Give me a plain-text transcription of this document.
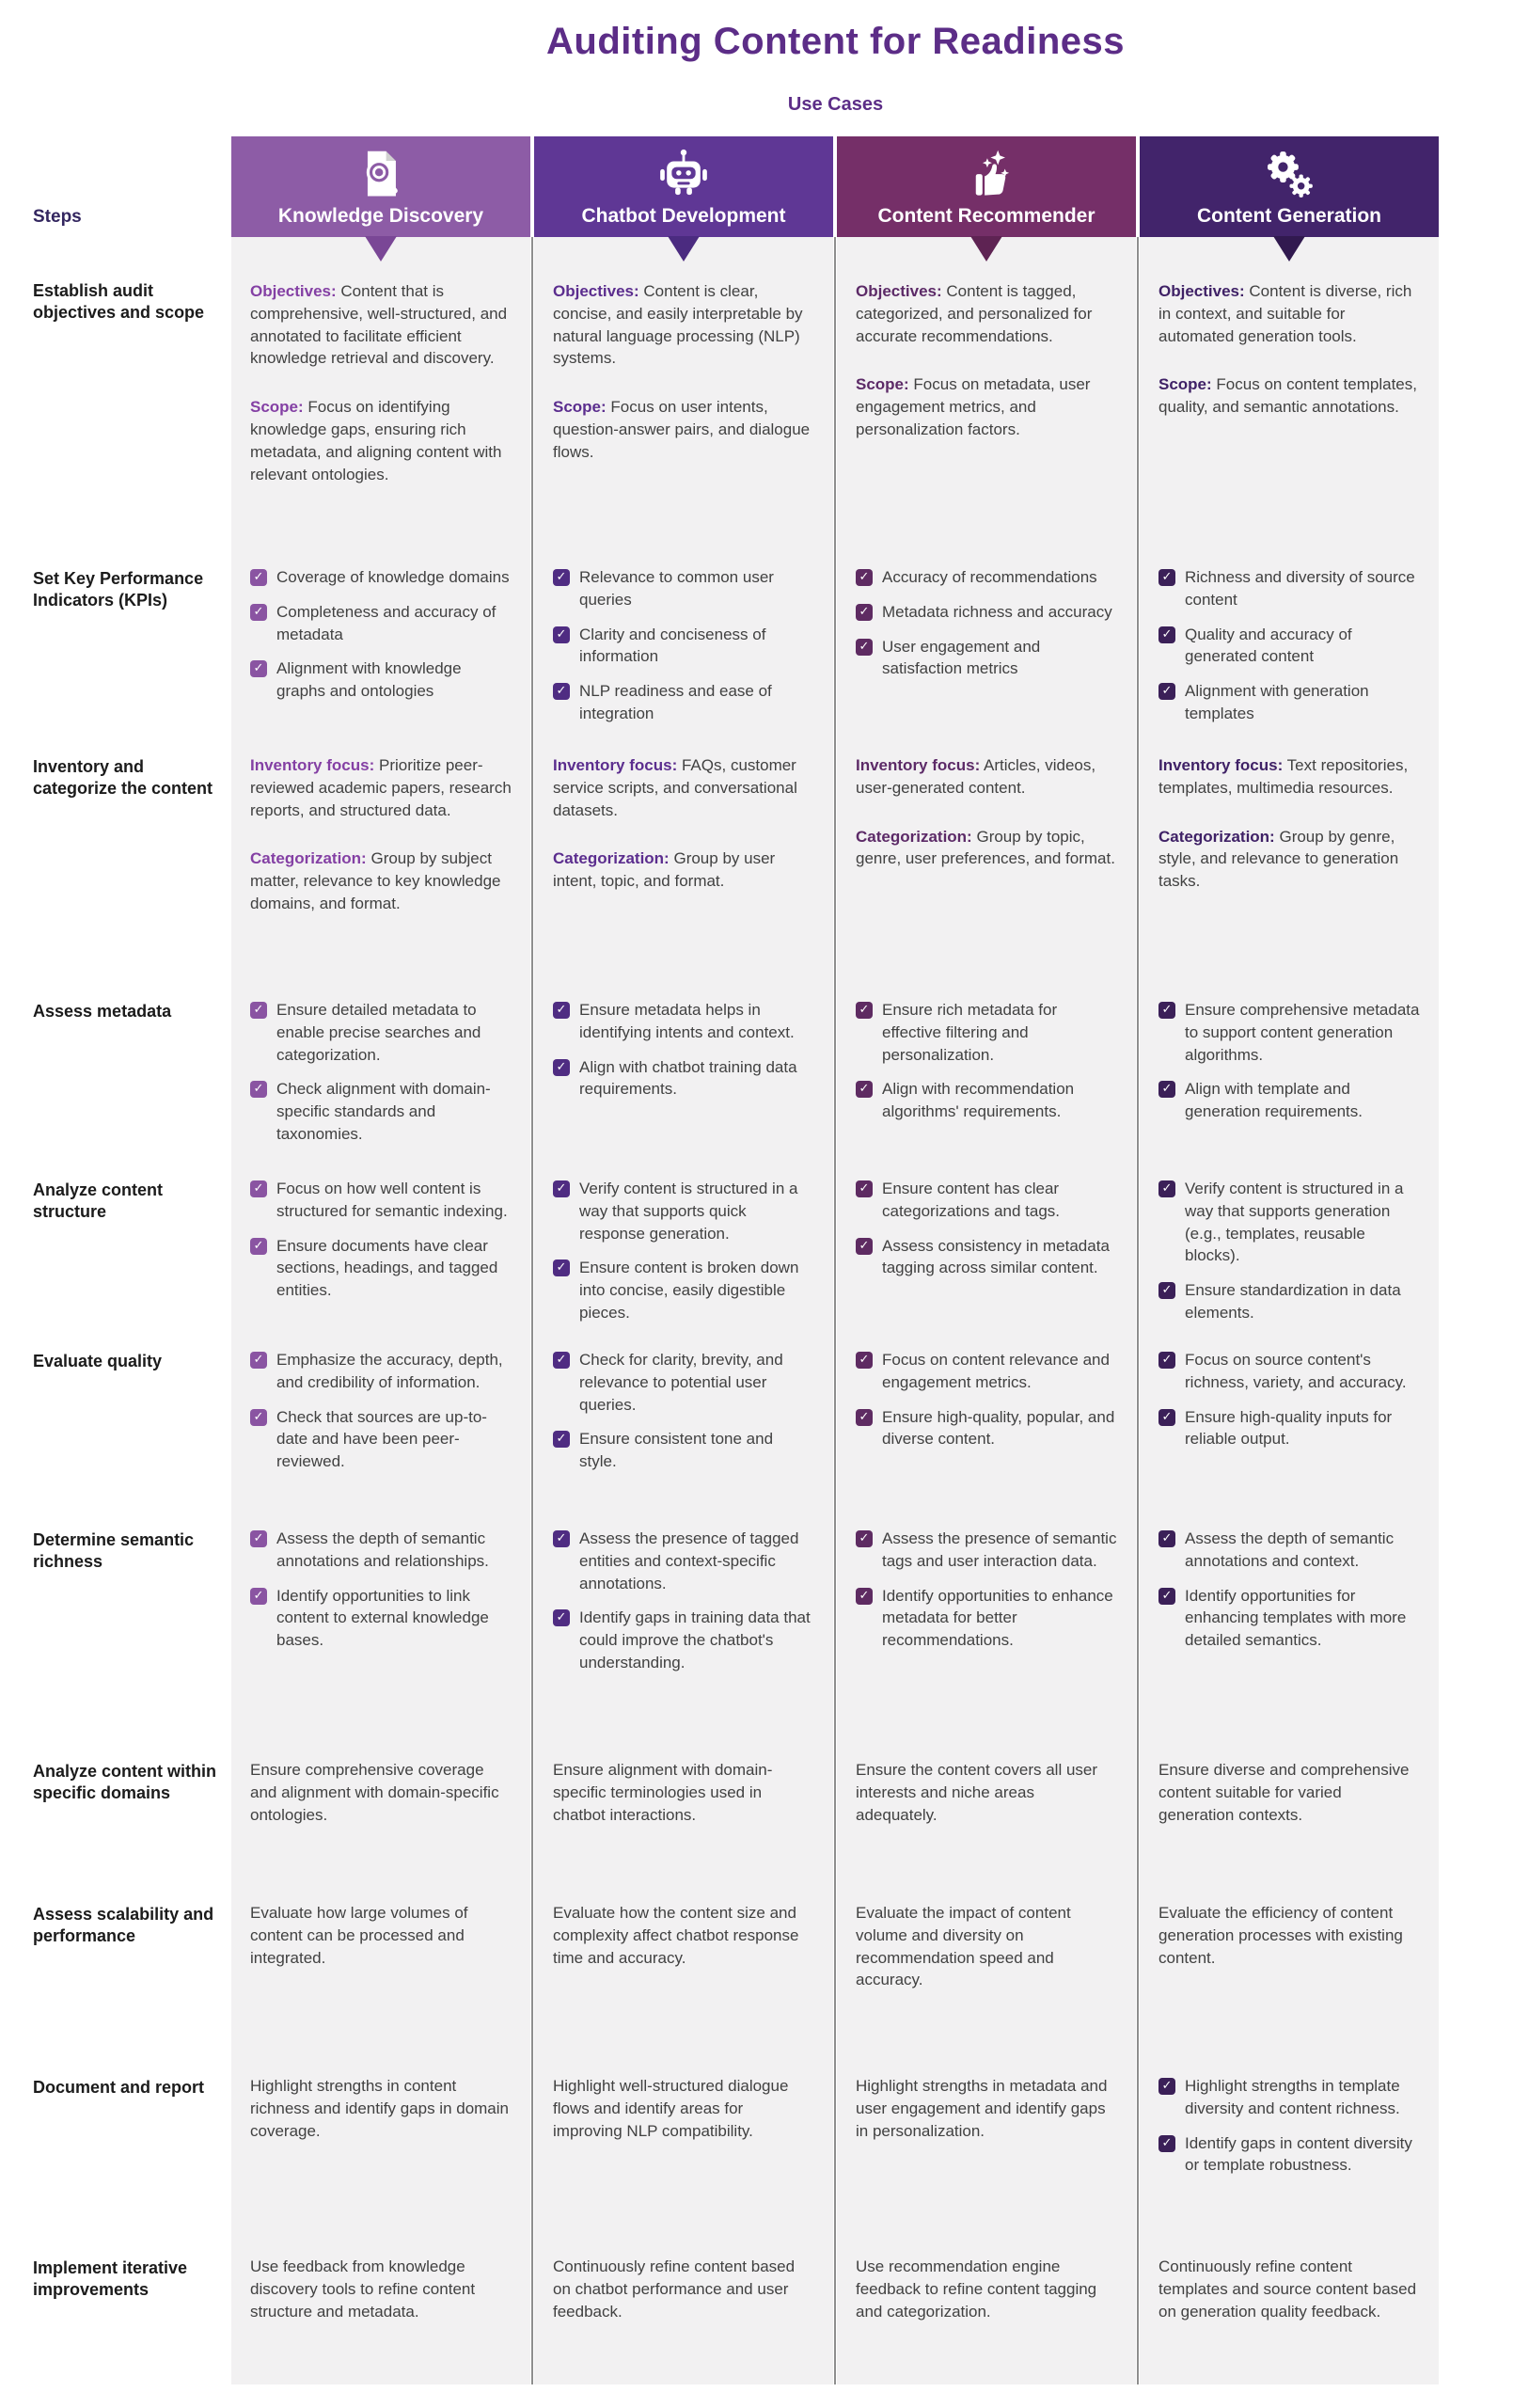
Auditing Content for Readiness
Use Cases
Steps
Establish audit objectives and scope
Set Key Performance Indicators (KPIs)
Inventory and categorize the content
Assess metadata
Analyze content structure
Evaluate quality
Determine semantic richness
Analyze content within specific domains
Assess scalability and performance
Document and report
Implement iterative improvements
Knowledge Discovery

Objectives: Content that is comprehensive, well-structured, and annotated to facilitate efficient knowledge retrieval and discovery.

Scope: Focus on identifying knowledge gaps, ensuring rich metadata, and aligning content with relevant ontologies.

✓ Coverage of knowledge domains
✓ Completeness and accuracy of metadata
✓ Alignment with knowledge graphs and ontologies

Inventory focus: Prioritize peer-reviewed academic papers, research reports, and structured data.

Categorization: Group by subject matter, relevance to key knowledge domains, and format.

✓ Ensure detailed metadata to enable precise searches and categorization.
✓ Check alignment with domain-specific standards and taxonomies.
✓ Focus on how well content is structured for semantic indexing.
✓ Ensure documents have clear sections, headings, and tagged entities.
✓ Emphasize the accuracy, depth, and credibility of information.
✓ Check that sources are up-to-date and have been peer-reviewed.
✓ Assess the depth of semantic annotations and relationships.
✓ Identify opportunities to link content to external knowledge bases.

Ensure comprehensive coverage and alignment with domain-specific ontologies.

Evaluate how large volumes of content can be processed and integrated.

Highlight strengths in content richness and identify gaps in domain coverage.

Use feedback from knowledge discovery tools to refine content structure and metadata.

Chatbot Development

Objectives: Content is clear, concise, and easily interpretable by natural language processing (NLP) systems.

Scope: Focus on user intents, question-answer pairs, and dialogue flows.

✓ Relevance to common user queries
✓ Clarity and conciseness of information
✓ NLP readiness and ease of integration

Inventory focus: FAQs, customer service scripts, and conversational datasets.

Categorization: Group by user intent, topic, and format.

✓ Ensure metadata helps in identifying intents and context.
✓ Align with chatbot training data requirements.
✓ Verify content is structured in a way that supports quick response generation.
✓ Ensure content is broken down into concise, easily digestible pieces.
✓ Check for clarity, brevity, and relevance to potential user queries.
✓ Ensure consistent tone and style.
✓ Assess the presence of tagged entities and context-specific annotations.
✓ Identify gaps in training data that could improve the chatbot's understanding.

Ensure alignment with domain-specific terminologies used in chatbot interactions.

Evaluate how the content size and complexity affect chatbot response time and accuracy.

Highlight well-structured dialogue flows and identify areas for improving NLP compatibility.

Continuously refine content based on chatbot performance and user feedback.

Content Recommender

Objectives: Content is tagged, categorized, and personalized for accurate recommendations.

Scope: Focus on metadata, user engagement metrics, and personalization factors.

✓ Accuracy of recommendations
✓ Metadata richness and accuracy
✓ User engagement and satisfaction metrics

Inventory focus: Articles, videos, user-generated content.

Categorization: Group by topic, genre, user preferences, and format.

✓ Ensure rich metadata for effective filtering and personalization.
✓ Align with recommendation algorithms' requirements.
✓ Ensure content has clear categorizations and tags.
✓ Assess consistency in metadata tagging across similar content.
✓ Focus on content relevance and engagement metrics.
✓ Ensure high-quality, popular, and diverse content.
✓ Assess the presence of semantic tags and user interaction data.
✓ Identify opportunities to enhance metadata for better recommendations.

Ensure the content covers all user interests and niche areas adequately.

Evaluate the impact of content volume and diversity on recommendation speed and accuracy.

Highlight strengths in metadata and user engagement and identify gaps in personalization.

Use recommendation engine feedback to refine content tagging and categorization.

Content Generation

Objectives: Content is diverse, rich in context, and suitable for automated generation tools.

Scope: Focus on content templates, quality, and semantic annotations.

✓ Richness and diversity of source content
✓ Quality and accuracy of generated content
✓ Alignment with generation templates

Inventory focus: Text repositories, templates, multimedia resources.

Categorization: Group by genre, style, and relevance to generation tasks.

✓ Ensure comprehensive metadata to support content generation algorithms.
✓ Align with template and generation requirements.
✓ Verify content is structured in a way that supports generation (e.g., templates, reusable blocks).
✓ Ensure standardization in data elements.
✓ Focus on source content's richness, variety, and accuracy.
✓ Ensure high-quality inputs for reliable output.
✓ Assess the depth of semantic annotations and context.
✓ Identify opportunities for enhancing templates with more detailed semantics.

Ensure diverse and comprehensive content suitable for varied generation contexts.

Evaluate the efficiency of content generation processes with existing content.

✓ Highlight strengths in template diversity and content richness.
✓ Identify gaps in content diversity or template robustness.

Continuously refine content templates and source content based on generation quality feedback.
